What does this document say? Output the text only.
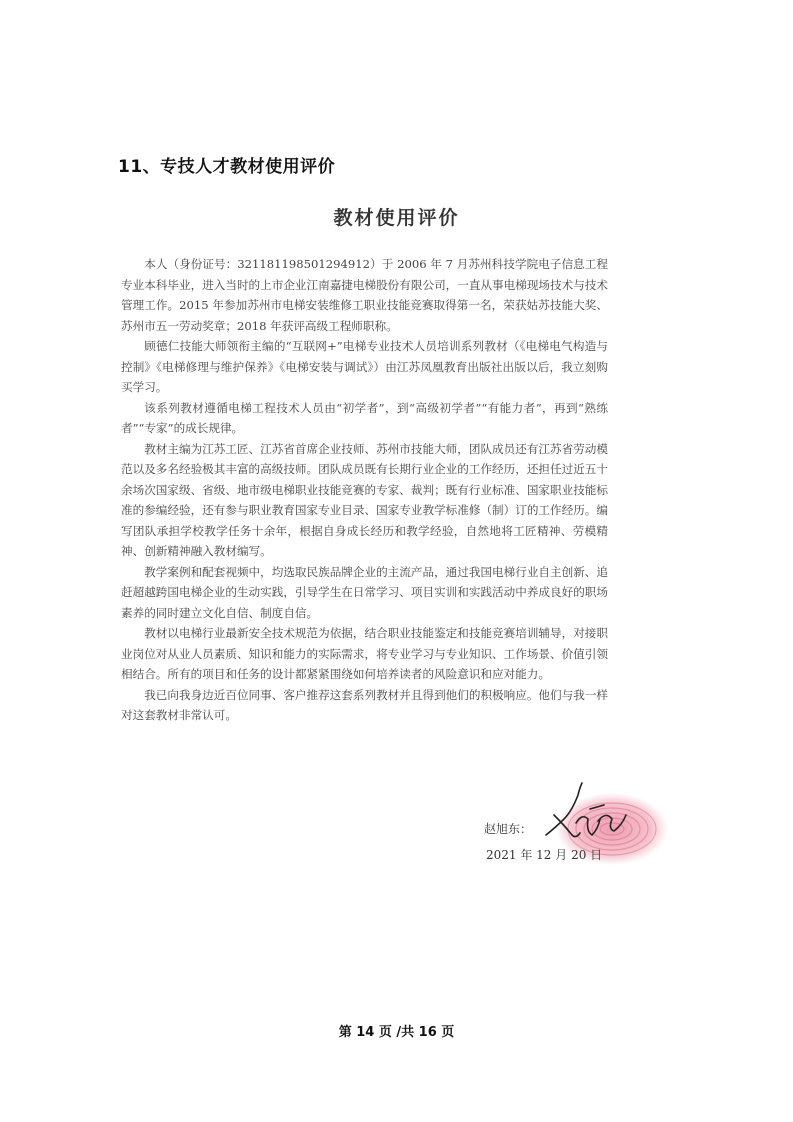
11、专技人才教材使用评价
教材使用评价

本人（身份证号：321181198501294912）于 2006 年 7 月苏州科技学院电子信息工程专业本科毕业，进入当时的上市企业江南嘉捷电梯股份有限公司，一直从事电梯现场技术与技术管理工作。2015 年参加苏州市电梯安装维修工职业技能竞赛取得第一名，荣获姑苏技能大奖、苏州市五一劳动奖章；2018 年获评高级工程师职称。

顾德仁技能大师领衔主编的“互联网+”电梯专业技术人员培训系列教材（《电梯电气构造与控制》《电梯修理与维护保养》《电梯安装与调试》）由江苏凤凰教育出版社出版以后，我立刻购买学习。

该系列教材遵循电梯工程技术人员由“初学者”，到“高级初学者”“有能力者”，再到“熟练者”“专家”的成长规律。

教材主编为江苏工匠、江苏省首席企业技师、苏州市技能大师，团队成员还有江苏省劳动模范以及多名经验极其丰富的高级技师。团队成员既有长期行业企业的工作经历，还担任过近五十余场次国家级、省级、地市级电梯职业技能竞赛的专家、裁判；既有行业标准、国家职业技能标准的参编经验，还有参与职业教育国家专业目录、国家专业教学标准修（制）订的工作经历。编写团队承担学校教学任务十余年，根据自身成长经历和教学经验，自然地将工匠精神、劳模精神、创新精神融入教材编写。

教学案例和配套视频中，均选取民族品牌企业的主流产品，通过我国电梯行业自主创新、追赶超越跨国电梯企业的生动实践，引导学生在日常学习、项目实训和实践活动中养成良好的职场素养的同时建立文化自信、制度自信。

教材以电梯行业最新安全技术规范为依据，结合职业技能鉴定和技能竞赛培训辅导，对接职业岗位对从业人员素质、知识和能力的实际需求，将专业学习与专业知识、工作场景、价值引领相结合。所有的项目和任务的设计都紧紧围绕如何培养读者的风险意识和应对能力。

我已向我身边近百位同事、客户推荐这套系列教材并且得到他们的积极响应。他们与我一样对这套教材非常认可。

赵旭东：
2021 年 12 月 20 日
第 14 页 /共 16 页
